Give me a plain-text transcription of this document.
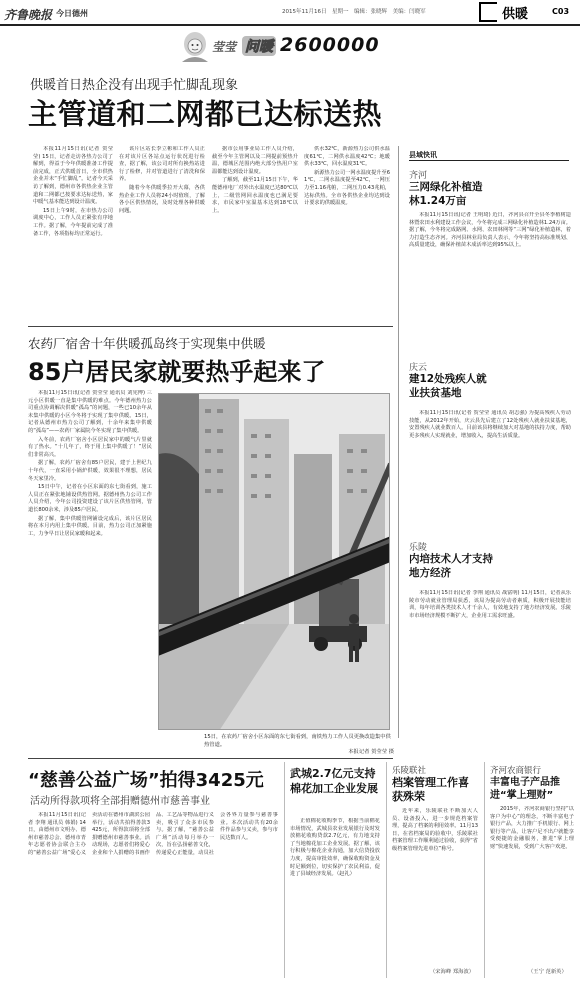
齐鲁晚报 今日德州	2015年11月16日　 星期一　 编辑：张晓辉　 美编：闫晓军	供暖	C03
莹莹 问暖 2600000
供暖首日热企没有出现手忙脚乱现象
主管道和二网都已达标送热

本报11月15日讯(记者 贺莹莹) 15日，记者走访各热力公司了解到，得益于今年供暖准备工作提前完成，正式供暖首日，全市供热企业并未“手忙脚乱”。记者今天采访了解到，德州市各供热企业主管道和二网都已按要求达标送热，家中暖气基本能达到设计温度。

15日上午9时，在市热力公司调度中心，工作人员正紧张有序地工作。据了解，今年提前完成了准备工作，各项指标均正常运行。

该片区站长李立彬和工作人员正在对该片区各站点运行状况进行检查，据了解，该公司对所有换热站进行了检修，并对管道进行了清洗和保养。

随着今冬供暖季拉开大幕，各供热企业工作人员将24小时值班，了解各小区供热情况，及时处理各种供暖问题。

据市公用事业局工作人员介绍，截至今年主管网以及二网提前预热升温，德城区范围内绝大部分热用户室温都能达到设计温度。

了解到，截至11月15日下午，华能德州电厂对外出水温度已达80℃以上，二级管网回水温度也已满足要求，市民家中室温基本达到18℃以上。

供水32℃，新源热力公司供水温度61℃，二网供水温度42℃；地暖供水33℃，回水温度31℃。

新源热力公司一网水温度提升至61℃，二网水温度提至42℃，一网压力至1.16兆帕，二网压力0.43兆帕，达标供热。全市各供热企业均达到设计要求的供暖温度。

农药厂宿舍十年供暖孤岛终于实现集中供暖
85户居民家就要热乎起来了

本报11月15日讯(记者 贺莹莹 通讯员 刘宪博) 三元小区供暖一直是集中供暖的难点。今年德州热力公司重点协调解决供暖“孤岛”的问题，一些已10余年从未集中供暖的小区今冬将于实现了集中供暖。15日，记者从德州市热力公司了解到，十余年来集中供暖的“孤岛”——农药厂家属院今冬实现了集中供暖。

入冬前，农药厂宿舍小区居民家中的暖气片里就有了热水。“十几年了，终于用上集中供暖了！”居民们非常高兴。

据了解，农药厂宿舍有85户居民，建于上世纪九十年代，一直采用小锅炉供暖，效果很不理想，居民冬天家里冷。

15日中午，记者在小区东面的东七街看到，施工人员正在紧张地铺设供热管网。据德州热力公司工作人员介绍，今年公司投资建设了该片区供热管网，管道长800余米，涉及85户居民。

据了解，集中供暖管网铺设完成后，该片区居民将在本月内用上集中供暖。目前，热力公司正加紧施工，力争早日让居民家暖和起来。

15日，在农药厂宿舍小区东面的东七街看到，南铁热力工作人员更换改造集中供热管道。

本报记者 贺莹莹 摄
县域快讯
齐河
三网绿化补植造林1.24万亩

本报11月15日讯(记者 王明琦) 近日，齐河县召开全县冬季植树造林暨农田水利建设工作会议，今冬将完成三网绿化补植造林1.24万亩。据了解，今冬将完成路网、水网、农田林网等“三网”绿化补植造林，着力打造生态齐河。齐河县林业局负责人表示，今年将坚持高标准规划、高质量建设，确保补植苗木成活率达到95%以上。

庆云
建12处残疾人就业扶贫基地

本报11月15日讯(记者 贺莹莹 通讯员 胡志强) 为提高残疾人劳动技能，从2012年开始，庆云县先后建立了12处残疾人就业扶贫基地，安置残疾人就业数百人。目前该县将继续加大对基地的扶持力度，帮助更多残疾人实现就业，增加收入，提高生活质量。

乐陵
内培技术人才支持地方经济

本报11月15日讯(记者 李翔 通讯员 战富明) 11月15日，记者从乐陵市劳动就业管理局获悉，该局为提高劳动者素质，积极开展技能培训，每年培训各类技术人才千余人，有效地支持了地方经济发展。乐陵市市场经济规模不断扩大，企业用工需求旺盛。

“慈善公益广场”拍得3425元
活动所得款项将全部捐赠德州市慈善事业

本报11月15日讯(记者 李翔 通讯员 韩娟) 14日，由德州市文明办、德州市慈善总会、德州市青年志愿者协会联合主办的“慈善公益广场”爱心义卖活动在德州市湖滨公园举行，活动共拍得善款3425元，所得款项将全部捐赠德州市慈善事业。活动现场，志愿者们将爱心企业和个人捐赠的书画作品、工艺品等物品进行义卖，吸引了众多市民参与。据了解，“慈善公益广场”活动每月举办一次，旨在弘扬慈善文化，传递爱心正能量，动员社会各界力量参与慈善事业。本次活动共有20余件作品参与义卖，参与市民达数百人。

武城2.7亿元支持棉花加工企业发展

正值棉花收购季节，根据当前棉花市场情况，武城县农业发展银行及时发放棉花收购贷款2.7亿元，有力地支持了当地棉花加工企业发展。据了解，该行积极与棉花企业沟通，加大信贷投放力度，提高审批效率，确保收购资金及时足额到位，切实保护了农民利益，促进了县域经济发展。（赵礼）

乐陵联社
档案管理工作喜获殊荣

近年来，乐陵联社不断加大人员、设备投入，进一步规范档案管理，提高了档案的利用效率。11月13日，在省档案局的验收中，乐陵联社档案管理工作顺利通过验收，获得“省级档案管理先进单位”称号。

（宋海峰 郑海波）
齐河农商银行
丰富电子产品推进“掌上理财”

2015年，齐河农商银行坚持“以客户为中心”的理念，不断丰富电子银行产品，大力推广手机银行、网上银行等产品，让客户足不出户就能享受便捷的金融服务，推进“掌上理财”快速发展，受到广大客户欢迎。

（王宁 范新英）
